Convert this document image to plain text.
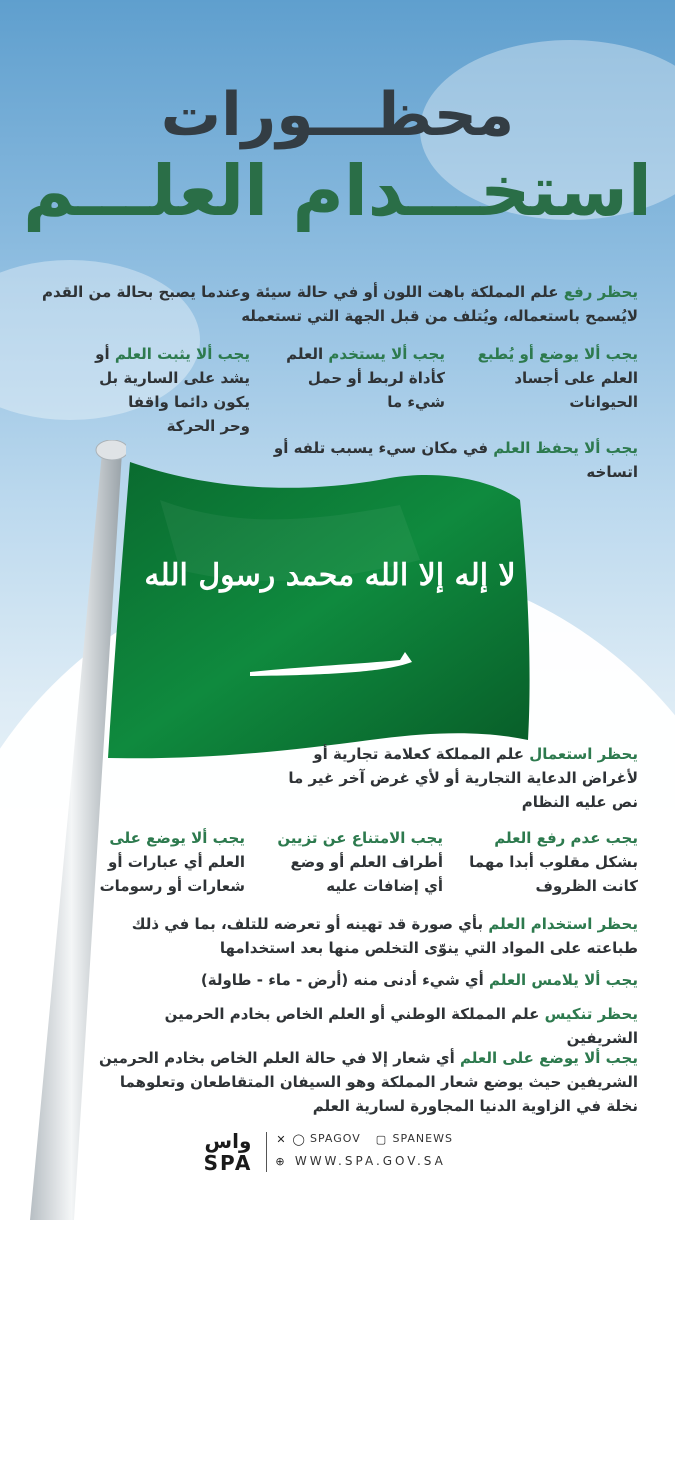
محظـــورات
استخـــدام العلـــم
يحظر رفع علم المملكة باهت اللون أو في حالة سيئة وعندما يصبح بحالة من القدم لايُسمح باستعماله، ويُتلف من قبل الجهة التي تستعمله
يجب ألا يوضع أو يُطبع العلم على أجساد الحيوانات
يجب ألا يستخدم العلم كأداة لربط أو حمل شيء ما
يجب ألا يثبت العلم أو يشد على السارية بل يكون دائما واقفا وحر الحركة
يجب ألا يحفظ العلم في مكان سيء يسبب تلفه أو اتساخه
لا إله إلا الله محمد رسول الله
يحظر استعمال علم المملكة كعلامة تجارية أو لأغراض الدعاية التجارية أو لأي غرض آخر غير ما نص عليه النظام
يجب عدم رفع العلم بشكل مقلوب أبدا مهما كانت الظروف
يجب الامتناع عن تزيين أطراف العلم أو وضع أي إضافات عليه
يجب ألا يوضع على العلم أي عبارات أو شعارات أو رسومات
يحظر استخدام العلم بأي صورة قد تهينه أو تعرضه للتلف، بما في ذلك طباعته على المواد التي ينوّى التخلص منها بعد استخدامها
يجب ألا يلامس العلم أي شيء أدنى منه (أرض - ماء - طاولة)
يحظر تنكيس علم المملكة الوطني أو العلم الخاص بخادم الحرمين الشريفين
يجب ألا يوضع على العلم أي شعار إلا في حالة العلم الخاص بخادم الحرمين الشريفين حيث يوضع شعار المملكة وهو السيفان المتقاطعان وتعلوهما نخلة في الزاوية الدنيا المجاورة لسارية العلم
واس
SPA
✕ ◯ SPAGOV ▢ SPANEWS
⊕ WWW.SPA.GOV.SA
